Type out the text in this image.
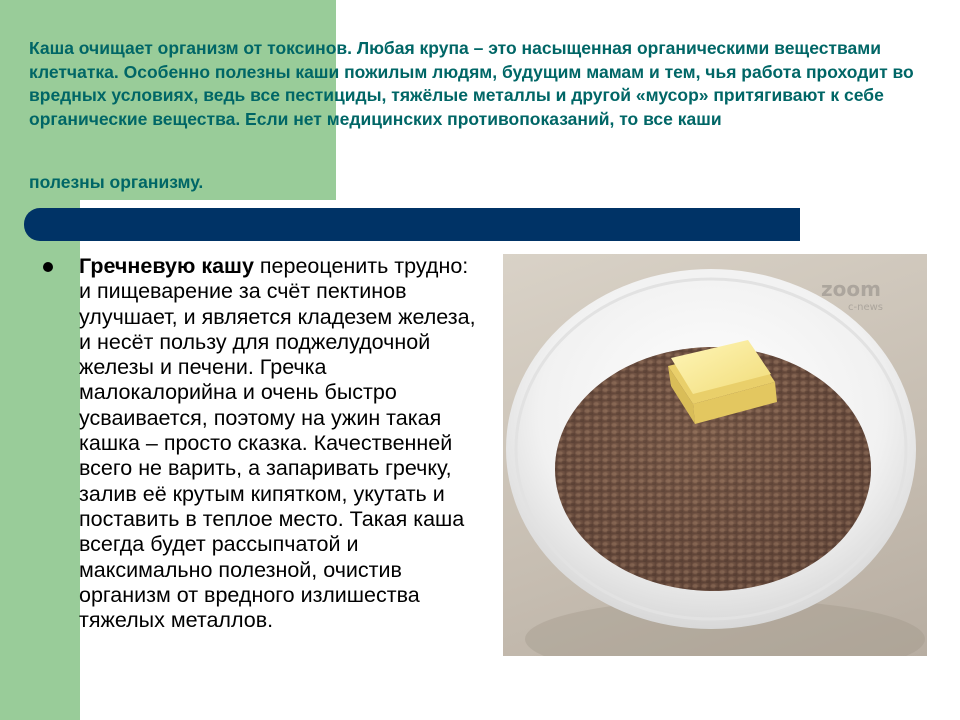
Каша очищает организм от токсинов. Любая крупа – это насыщенная органическими веществами клетчатка. Особенно полезны каши пожилым людям, будущим мамам и тем, чья работа проходит во вредных условиях, ведь все пестициды, тяжёлые металлы и другой «мусор» притягивают к себе органические вещества. Если нет медицинских противопоказаний, то все каши

полезны организму.

Гречневую кашу переоценить трудно: и пищеварение за счёт пектинов улучшает, и является кладезем железа, и несёт пользу для поджелудочной железы и печени. Гречка малокалорийна и очень быстро усваивается, поэтому на ужин такая кашка – просто сказка. Качественней всего не варить, а запаривать гречку, залив её крутым кипятком, укутать и поставить в теплое место. Такая каша всегда будет рассыпчатой и максимально полезной, очистив организм от вредного излишества тяжелых металлов.

zoom
c-news
